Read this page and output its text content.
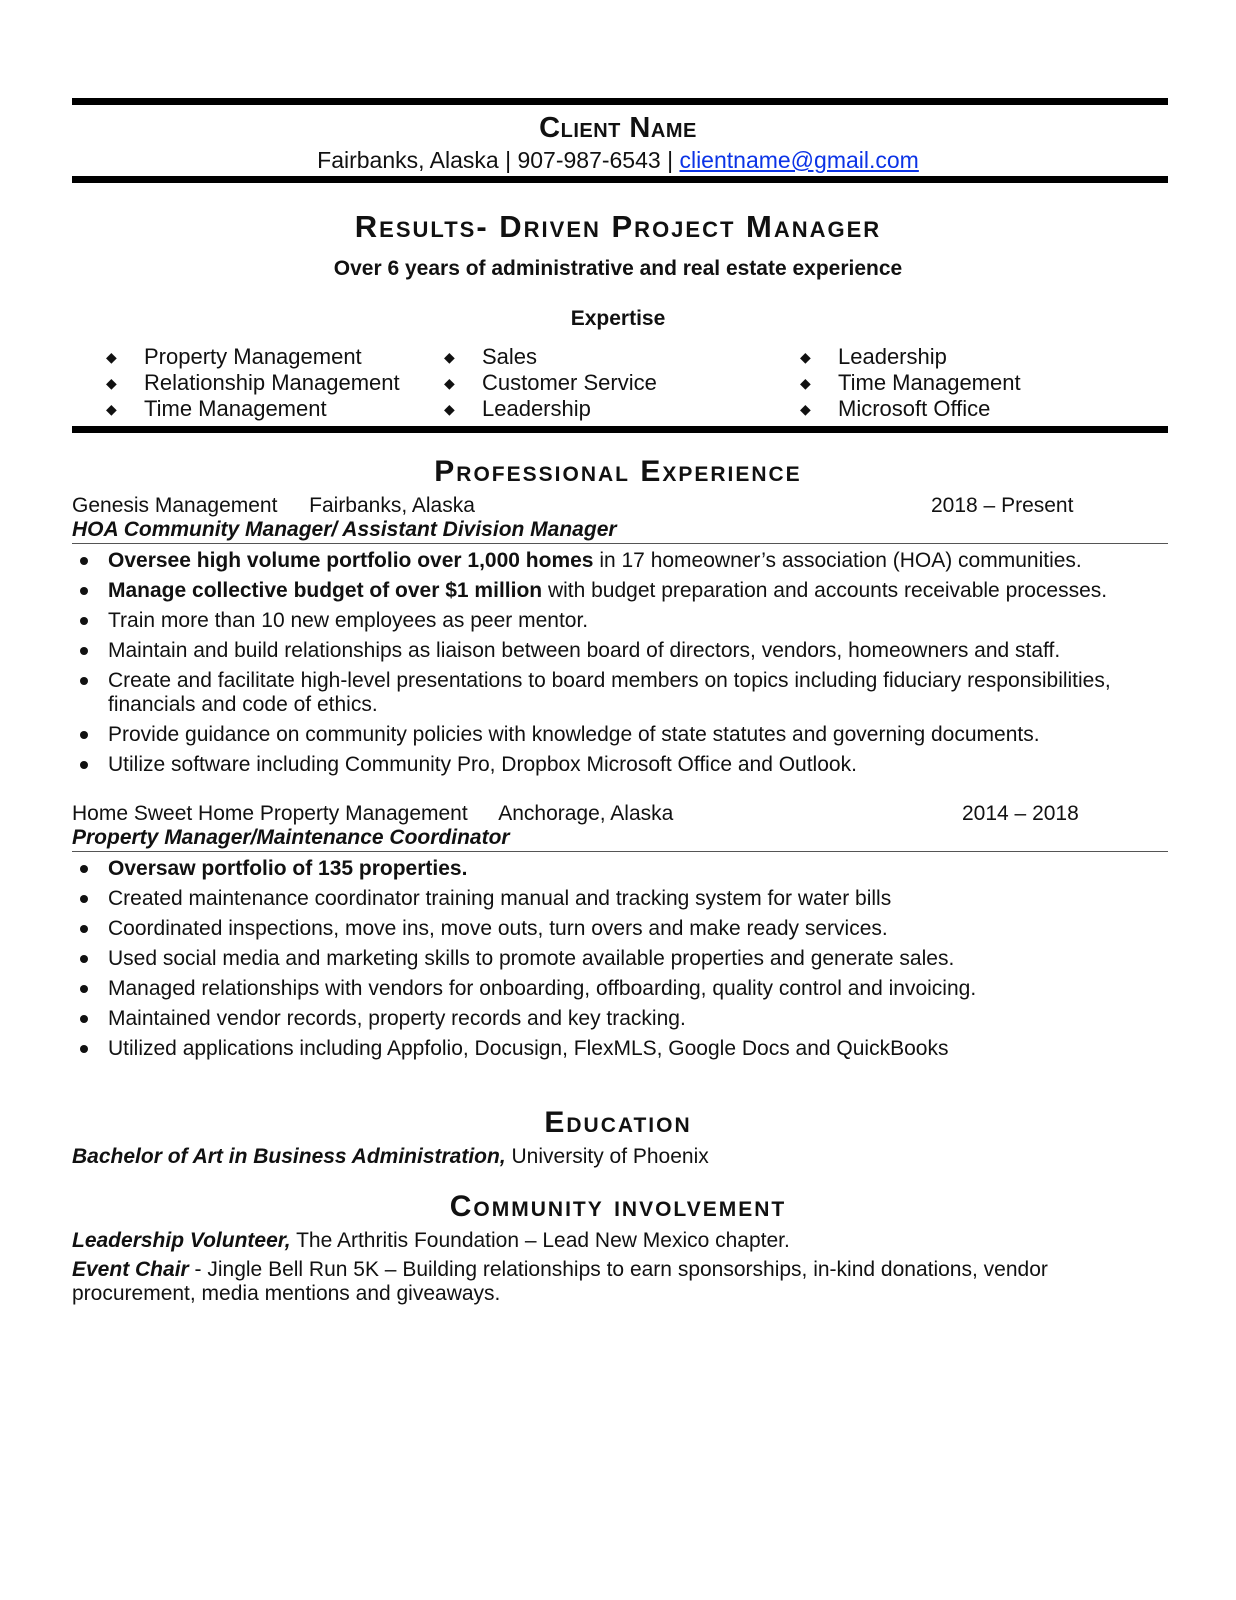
Client Name
Fairbanks, Alaska | 907-987-6543 | clientname@gmail.com
Results- Driven Project Manager
Over 6 years of administrative and real estate experience
Expertise
◆ Property Management
◆ Relationship Management
◆ Time Management
◆ Sales
◆ Customer Service
◆ Leadership
◆ Leadership
◆ Time Management
◆ Microsoft Office
Professional Experience
Genesis Management Fairbanks, Alaska	2018 – Present
HOA Community Manager/ Assistant Division Manager
Oversee high volume portfolio over 1,000 homes in 17 homeowner’s association (HOA) communities.
Manage collective budget of over $1 million with budget preparation and accounts receivable processes.
Train more than 10 new employees as peer mentor.
Maintain and build relationships as liaison between board of directors, vendors, homeowners and staff.
Create and facilitate high-level presentations to board members on topics including fiduciary responsibilities, financials and code of ethics.
Provide guidance on community policies with knowledge of state statutes and governing documents.
Utilize software including Community Pro, Dropbox Microsoft Office and Outlook.
Home Sweet Home Property Management Anchorage, Alaska	2014 – 2018
Property Manager/Maintenance Coordinator
Oversaw portfolio of 135 properties.
Created maintenance coordinator training manual and tracking system for water bills
Coordinated inspections, move ins, move outs, turn overs and make ready services.
Used social media and marketing skills to promote available properties and generate sales.
Managed relationships with vendors for onboarding, offboarding, quality control and invoicing.
Maintained vendor records, property records and key tracking.
Utilized applications including Appfolio, Docusign, FlexMLS, Google Docs and QuickBooks
Education
Bachelor of Art in Business Administration, University of Phoenix
Community involvement
Leadership Volunteer, The Arthritis Foundation – Lead New Mexico chapter.
Event Chair - Jingle Bell Run 5K – Building relationships to earn sponsorships, in-kind donations, vendor procurement, media mentions and giveaways.
